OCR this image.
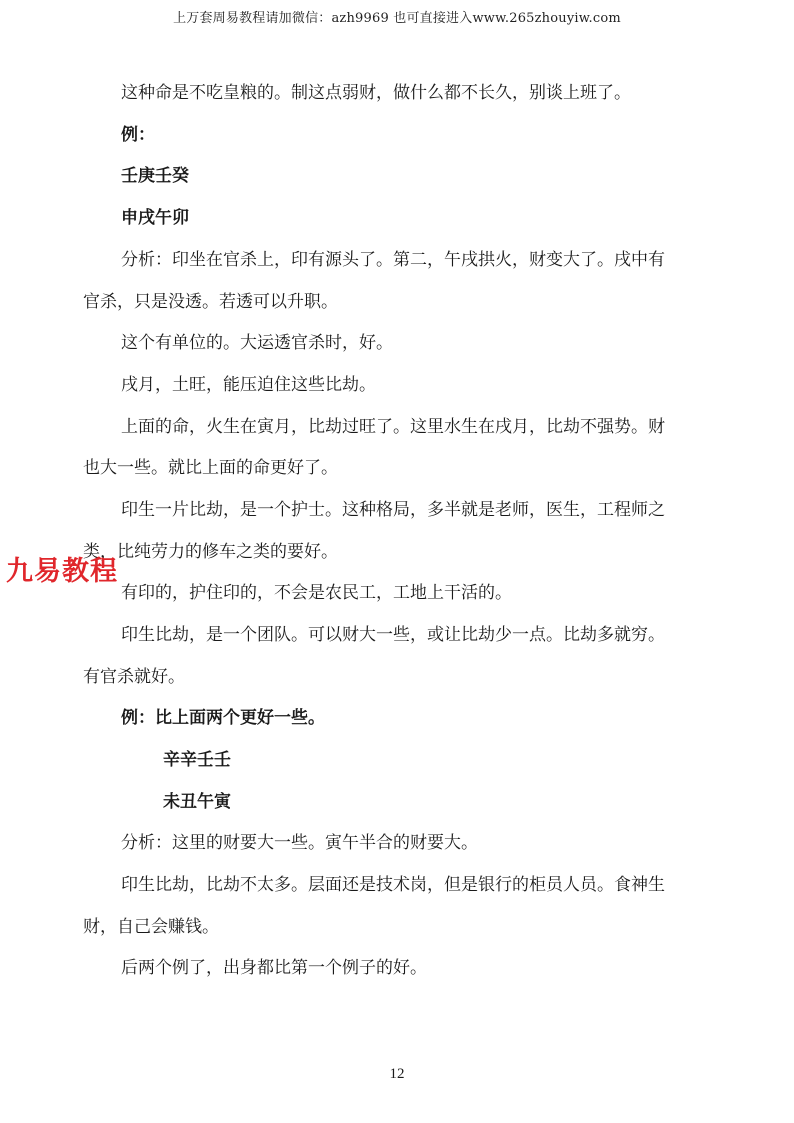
上万套周易教程请加微信：azh9969 也可直接进入www.265zhouyiw.com
这种命是不吃皇粮的。制这点弱财，做什么都不长久，别谈上班了。
例：
壬庚壬癸
申戌午卯
分析：印坐在官杀上，印有源头了。第二，午戌拱火，财变大了。戌中有
官杀，只是没透。若透可以升职。
这个有单位的。大运透官杀时，好。
戌月，土旺，能压迫住这些比劫。
上面的命，火生在寅月，比劫过旺了。这里水生在戌月，比劫不强势。财
也大一些。就比上面的命更好了。
印生一片比劫，是一个护士。这种格局，多半就是老师，医生，工程师之
类，比纯劳力的修车之类的要好。
有印的，护住印的，不会是农民工，工地上干活的。
印生比劫，是一个团队。可以财大一些，或让比劫少一点。比劫多就穷。
有官杀就好。
例：比上面两个更好一些。
辛辛壬壬
未丑午寅
分析：这里的财要大一些。寅午半合的财要大。
印生比劫，比劫不太多。层面还是技术岗，但是银行的柜员人员。食神生
财，自己会赚钱。
后两个例了，出身都比第一个例子的好。
九易教程
12
